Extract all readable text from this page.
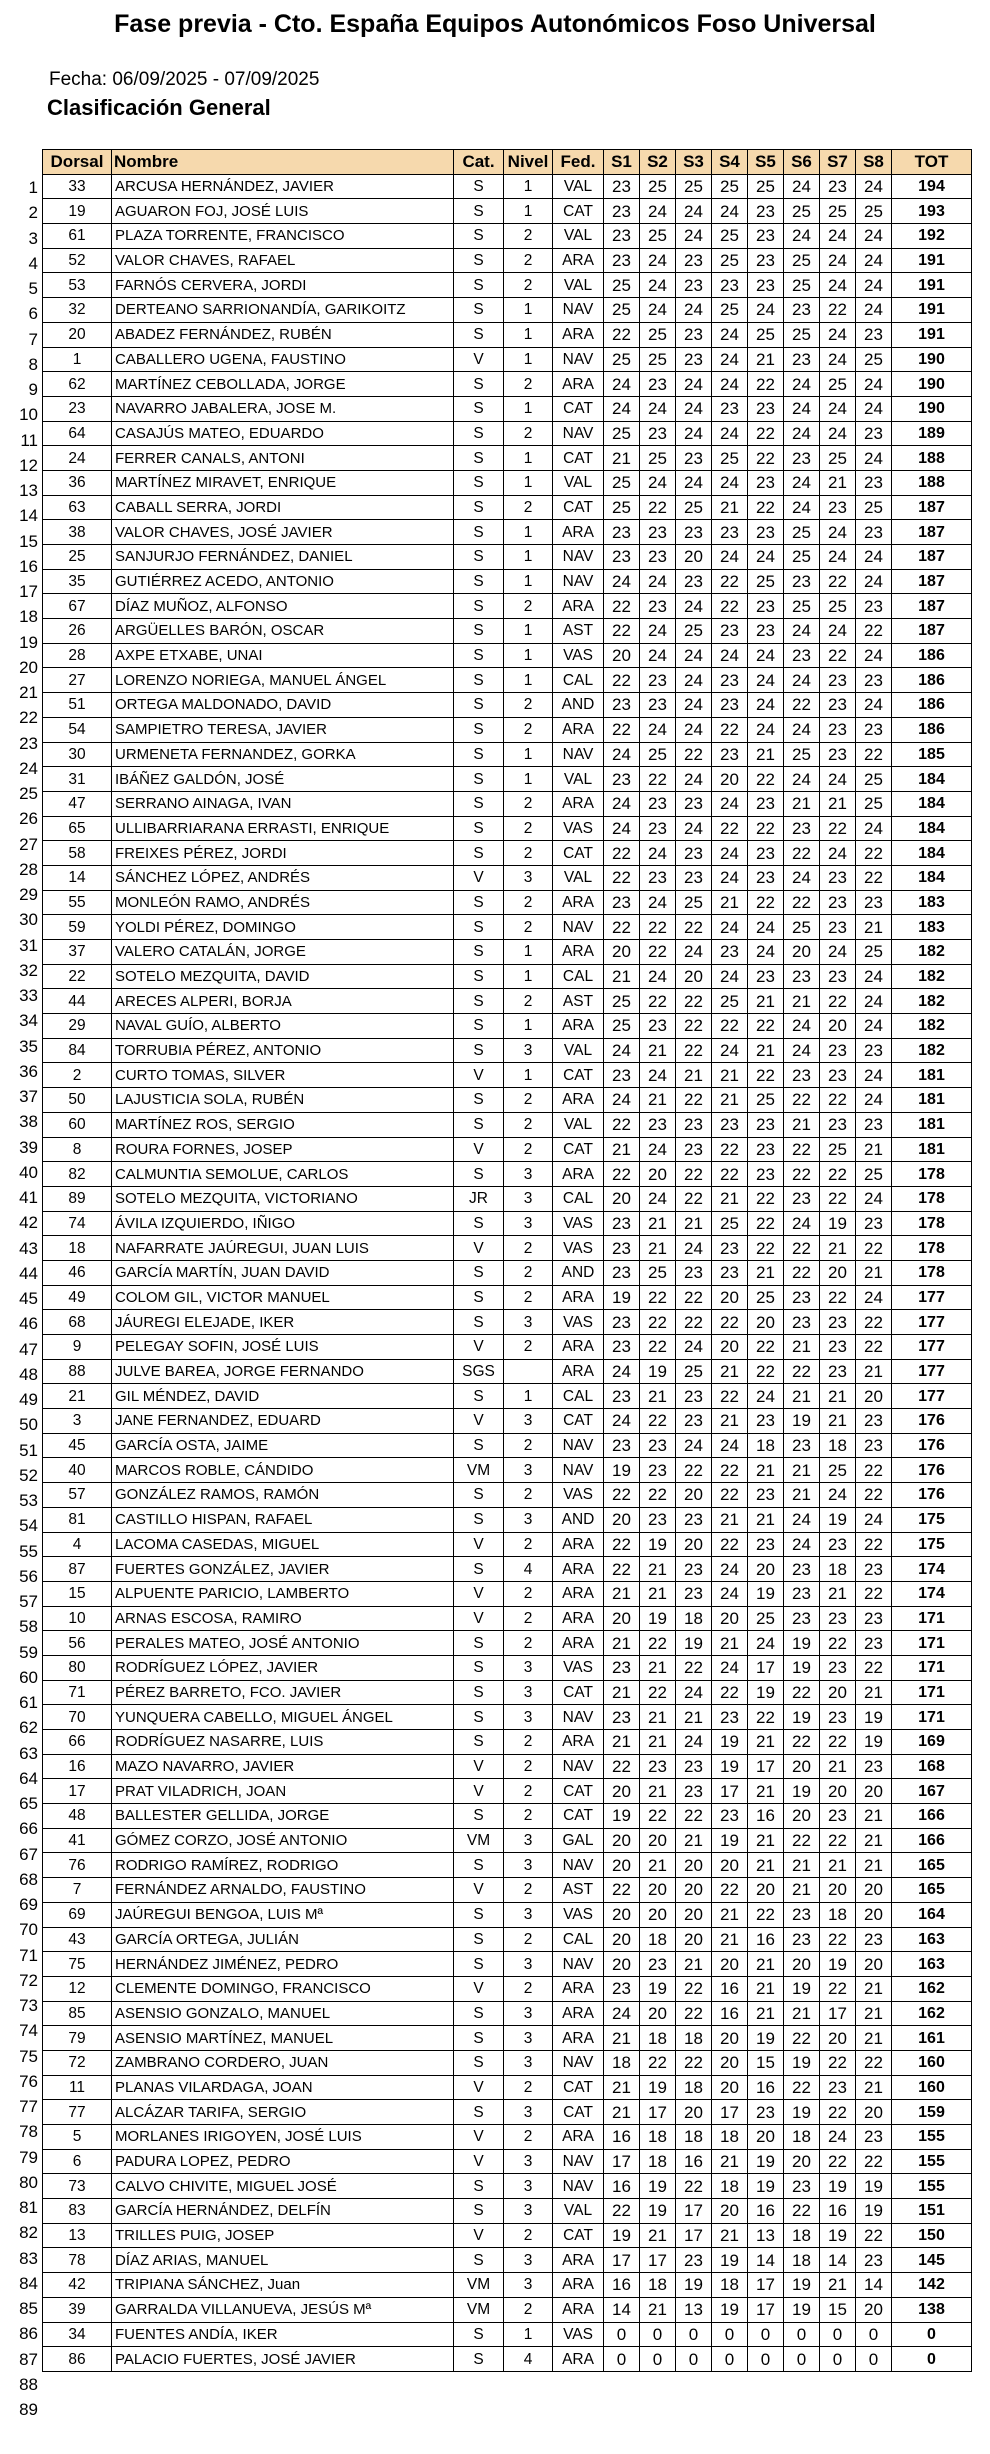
Fase previa - Cto. España Equipos Autonómicos Foso Universal
Fecha: 06/09/2025 - 07/09/2025
Clasificación General
1
2
3
4
5
6
7
8
9
10
11
12
13
14
15
16
17
18
19
20
21
22
23
24
25
26
27
28
29
30
31
32
33
34
35
36
37
38
39
40
41
42
43
44
45
46
47
48
49
50
51
52
53
54
55
56
57
58
59
60
61
62
63
64
65
66
67
68
69
70
71
72
73
74
75
76
77
78
79
80
81
82
83
84
85
86
87
88
89
Dorsal	Nombre	Cat.	Nivel	Fed.	S1	S2	S3	S4	S5	S6	S7	S8	TOT
33	ARCUSA HERNÁNDEZ, JAVIER	S	1	VAL	23	25	25	25	25	24	23	24	194
19	AGUARON FOJ, JOSÉ LUIS	S	1	CAT	23	24	24	24	23	25	25	25	193
61	PLAZA TORRENTE, FRANCISCO	S	2	VAL	23	25	24	25	23	24	24	24	192
52	VALOR CHAVES, RAFAEL	S	2	ARA	23	24	23	25	23	25	24	24	191
53	FARNÓS CERVERA, JORDI	S	2	VAL	25	24	23	23	23	25	24	24	191
32	DERTEANO SARRIONANDÍA, GARIKOITZ	S	1	NAV	25	24	24	25	24	23	22	24	191
20	ABADEZ FERNÁNDEZ, RUBÉN	S	1	ARA	22	25	23	24	25	25	24	23	191
1	CABALLERO UGENA, FAUSTINO	V	1	NAV	25	25	23	24	21	23	24	25	190
62	MARTÍNEZ CEBOLLADA, JORGE	S	2	ARA	24	23	24	24	22	24	25	24	190
23	NAVARRO JABALERA, JOSE M.	S	1	CAT	24	24	24	23	23	24	24	24	190
64	CASAJÚS MATEO, EDUARDO	S	2	NAV	25	23	24	24	22	24	24	23	189
24	FERRER CANALS, ANTONI	S	1	CAT	21	25	23	25	22	23	25	24	188
36	MARTÍNEZ MIRAVET, ENRIQUE	S	1	VAL	25	24	24	24	23	24	21	23	188
63	CABALL SERRA, JORDI	S	2	CAT	25	22	25	21	22	24	23	25	187
38	VALOR CHAVES, JOSÉ JAVIER	S	1	ARA	23	23	23	23	23	25	24	23	187
25	SANJURJO FERNÁNDEZ, DANIEL	S	1	NAV	23	23	20	24	24	25	24	24	187
35	GUTIÉRREZ ACEDO, ANTONIO	S	1	NAV	24	24	23	22	25	23	22	24	187
67	DÍAZ MUÑOZ, ALFONSO	S	2	ARA	22	23	24	22	23	25	25	23	187
26	ARGÜELLES BARÓN, OSCAR	S	1	AST	22	24	25	23	23	24	24	22	187
28	AXPE ETXABE, UNAI	S	1	VAS	20	24	24	24	24	23	22	24	186
27	LORENZO NORIEGA, MANUEL ÁNGEL	S	1	CAL	22	23	24	23	24	24	23	23	186
51	ORTEGA MALDONADO, DAVID	S	2	AND	23	23	24	23	24	22	23	24	186
54	SAMPIETRO TERESA, JAVIER	S	2	ARA	22	24	24	22	24	24	23	23	186
30	URMENETA FERNANDEZ, GORKA	S	1	NAV	24	25	22	23	21	25	23	22	185
31	IBÁÑEZ GALDÓN, JOSÉ	S	1	VAL	23	22	24	20	22	24	24	25	184
47	SERRANO AINAGA, IVAN	S	2	ARA	24	23	23	24	23	21	21	25	184
65	ULLIBARRIARANA ERRASTI, ENRIQUE	S	2	VAS	24	23	24	22	22	23	22	24	184
58	FREIXES PÉREZ, JORDI	S	2	CAT	22	24	23	24	23	22	24	22	184
14	SÁNCHEZ LÓPEZ, ANDRÉS	V	3	VAL	22	23	23	24	23	24	23	22	184
55	MONLEÓN RAMO, ANDRÉS	S	2	ARA	23	24	25	21	22	22	23	23	183
59	YOLDI PÉREZ, DOMINGO	S	2	NAV	22	22	22	24	24	25	23	21	183
37	VALERO CATALÁN, JORGE	S	1	ARA	20	22	24	23	24	20	24	25	182
22	SOTELO MEZQUITA, DAVID	S	1	CAL	21	24	20	24	23	23	23	24	182
44	ARECES ALPERI, BORJA	S	2	AST	25	22	22	25	21	21	22	24	182
29	NAVAL GUÍO, ALBERTO	S	1	ARA	25	23	22	22	22	24	20	24	182
84	TORRUBIA PÉREZ, ANTONIO	S	3	VAL	24	21	22	24	21	24	23	23	182
2	CURTO TOMAS, SILVER	V	1	CAT	23	24	21	21	22	23	23	24	181
50	LAJUSTICIA SOLA, RUBÉN	S	2	ARA	24	21	22	21	25	22	22	24	181
60	MARTÍNEZ ROS, SERGIO	S	2	VAL	22	23	23	23	23	21	23	23	181
8	ROURA FORNES, JOSEP	V	2	CAT	21	24	23	22	23	22	25	21	181
82	CALMUNTIA SEMOLUE, CARLOS	S	3	ARA	22	20	22	22	23	22	22	25	178
89	SOTELO MEZQUITA, VICTORIANO	JR	3	CAL	20	24	22	21	22	23	22	24	178
74	ÁVILA IZQUIERDO, IÑIGO	S	3	VAS	23	21	21	25	22	24	19	23	178
18	NAFARRATE JAÚREGUI, JUAN LUIS	V	2	VAS	23	21	24	23	22	22	21	22	178
46	GARCÍA MARTÍN, JUAN DAVID	S	2	AND	23	25	23	23	21	22	20	21	178
49	COLOM GIL, VICTOR MANUEL	S	2	ARA	19	22	22	20	25	23	22	24	177
68	JÁUREGI ELEJADE, IKER	S	3	VAS	23	22	22	22	20	23	23	22	177
9	PELEGAY SOFIN, JOSÉ LUIS	V	2	ARA	23	22	24	20	22	21	23	22	177
88	JULVE BAREA, JORGE FERNANDO	SGS		ARA	24	19	25	21	22	22	23	21	177
21	GIL MÉNDEZ, DAVID	S	1	CAL	23	21	23	22	24	21	21	20	177
3	JANE FERNANDEZ, EDUARD	V	3	CAT	24	22	23	21	23	19	21	23	176
45	GARCÍA OSTA, JAIME	S	2	NAV	23	23	24	24	18	23	18	23	176
40	MARCOS ROBLE, CÁNDIDO	VM	3	NAV	19	23	22	22	21	21	25	22	176
57	GONZÁLEZ RAMOS, RAMÓN	S	2	VAS	22	22	20	22	23	21	24	22	176
81	CASTILLO HISPAN, RAFAEL	S	3	AND	20	23	23	21	21	24	19	24	175
4	LACOMA CASEDAS, MIGUEL	V	2	ARA	22	19	20	22	23	24	23	22	175
87	FUERTES GONZÁLEZ, JAVIER	S	4	ARA	22	21	23	24	20	23	18	23	174
15	ALPUENTE PARICIO, LAMBERTO	V	2	ARA	21	21	23	24	19	23	21	22	174
10	ARNAS ESCOSA, RAMIRO	V	2	ARA	20	19	18	20	25	23	23	23	171
56	PERALES MATEO, JOSÉ ANTONIO	S	2	ARA	21	22	19	21	24	19	22	23	171
80	RODRÍGUEZ LÓPEZ, JAVIER	S	3	VAS	23	21	22	24	17	19	23	22	171
71	PÉREZ BARRETO, FCO. JAVIER	S	3	CAT	21	22	24	22	19	22	20	21	171
70	YUNQUERA CABELLO, MIGUEL ÁNGEL	S	3	NAV	23	21	21	23	22	19	23	19	171
66	RODRÍGUEZ NASARRE, LUIS	S	2	ARA	21	21	24	19	21	22	22	19	169
16	MAZO NAVARRO, JAVIER	V	2	NAV	22	23	23	19	17	20	21	23	168
17	PRAT VILADRICH, JOAN	V	2	CAT	20	21	23	17	21	19	20	20	167
48	BALLESTER GELLIDA, JORGE	S	2	CAT	19	22	22	23	16	20	23	21	166
41	GÓMEZ CORZO, JOSÉ ANTONIO	VM	3	GAL	20	20	21	19	21	22	22	21	166
76	RODRIGO RAMÍREZ, RODRIGO	S	3	NAV	20	21	20	20	21	21	21	21	165
7	FERNÁNDEZ ARNALDO, FAUSTINO	V	2	AST	22	20	20	22	20	21	20	20	165
69	JAÚREGUI BENGOA, LUIS Mª	S	3	VAS	20	20	20	21	22	23	18	20	164
43	GARCÍA ORTEGA, JULIÁN	S	2	CAL	20	18	20	21	16	23	22	23	163
75	HERNÁNDEZ JIMÉNEZ, PEDRO	S	3	NAV	20	23	21	20	21	20	19	20	163
12	CLEMENTE DOMINGO, FRANCISCO	V	2	ARA	23	19	22	16	21	19	22	21	162
85	ASENSIO GONZALO, MANUEL	S	3	ARA	24	20	22	16	21	21	17	21	162
79	ASENSIO MARTÍNEZ, MANUEL	S	3	ARA	21	18	18	20	19	22	20	21	161
72	ZAMBRANO CORDERO, JUAN	S	3	NAV	18	22	22	20	15	19	22	22	160
11	PLANAS VILARDAGA, JOAN	V	2	CAT	21	19	18	20	16	22	23	21	160
77	ALCÁZAR TARIFA, SERGIO	S	3	CAT	21	17	20	17	23	19	22	20	159
5	MORLANES IRIGOYEN, JOSÉ LUIS	V	2	ARA	16	18	18	18	20	18	24	23	155
6	PADURA LOPEZ, PEDRO	V	3	NAV	17	18	16	21	19	20	22	22	155
73	CALVO CHIVITE, MIGUEL JOSÉ	S	3	NAV	16	19	22	18	19	23	19	19	155
83	GARCÍA HERNÁNDEZ, DELFÍN	S	3	VAL	22	19	17	20	16	22	16	19	151
13	TRILLES PUIG, JOSEP	V	2	CAT	19	21	17	21	13	18	19	22	150
78	DÍAZ ARIAS, MANUEL	S	3	ARA	17	17	23	19	14	18	14	23	145
42	TRIPIANA SÁNCHEZ, Juan	VM	3	ARA	16	18	19	18	17	19	21	14	142
39	GARRALDA VILLANUEVA, JESÚS Mª	VM	2	ARA	14	21	13	19	17	19	15	20	138
34	FUENTES ANDÍA, IKER	S	1	VAS	0	0	0	0	0	0	0	0	0
86	PALACIO FUERTES, JOSÉ JAVIER	S	4	ARA	0	0	0	0	0	0	0	0	0
